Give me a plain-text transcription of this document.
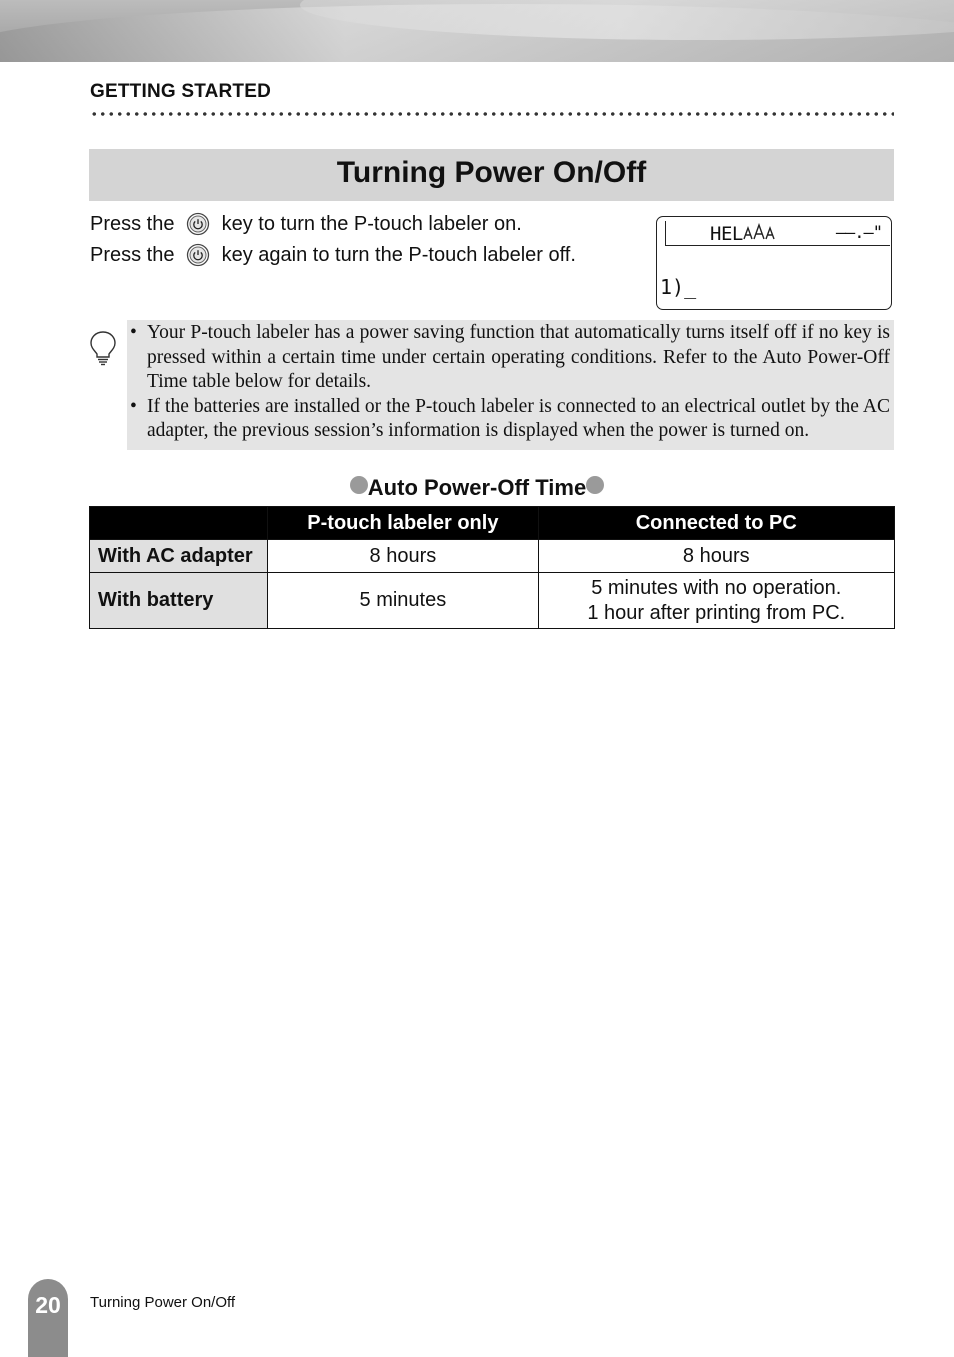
GETTING STARTED
Turning Power On/Off
Press the key to turn the P-touch labeler on.
Press the key again to turn the P-touch labeler off.
HEL	––.–"
1)_
• Your P-touch labeler has a power saving function that automatically turns itself off if no key is pressed within a certain time under certain operating conditions. Refer to the Auto Power-Off Time table below for details.
• If the batteries are installed or the P-touch labeler is connected to an electrical outlet by the AC adapter, the previous session’s information is displayed when the power is turned on.
Auto Power-Off Time
	P-touch labeler only	Connected to PC
With AC adapter	8 hours	8 hours
With battery	5 minutes	5 minutes with no operation.
1 hour after printing from PC.
20	Turning Power On/Off
